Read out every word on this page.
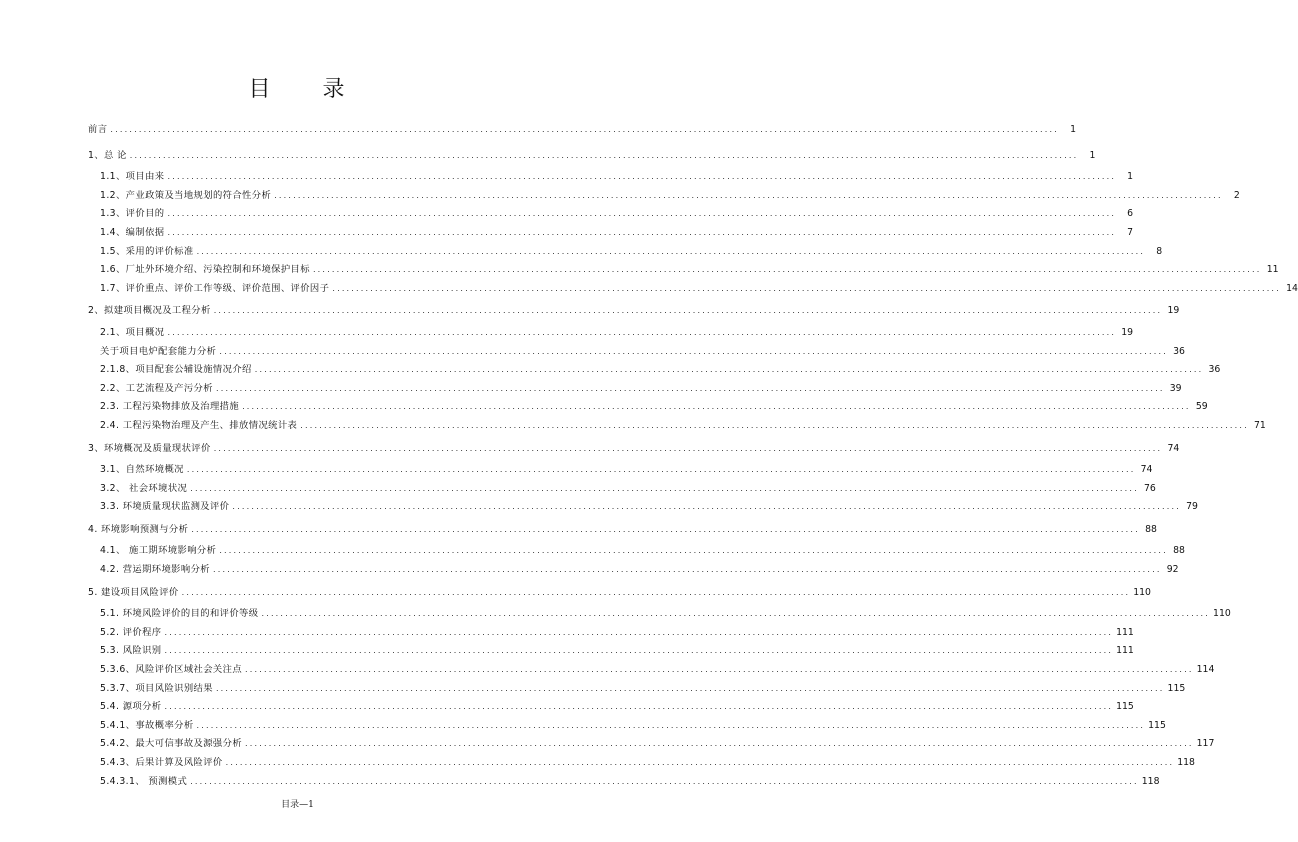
目 录
前言 ........................................................................................................................................................................................................	1
1、总 论 ........................................................................................................................................................................................................	1
1.1、项目由来 ........................................................................................................................................................................................................	1
1.2、产业政策及当地规划的符合性分析 ........................................................................................................................................................................................................	2
1.3、评价目的 ........................................................................................................................................................................................................	6
1.4、编制依据 ........................................................................................................................................................................................................	7
1.5、采用的评价标准 ........................................................................................................................................................................................................	8
1.6、厂址外环境介绍、污染控制和环境保护目标 ........................................................................................................................................................................................................ 11
1.7、评价重点、评价工作等级、评价范围、评价因子 ........................................................................................................................................................................................................ 14
2、拟建项目概况及工程分析 ........................................................................................................................................................................................................ 19
2.1、项目概况 ........................................................................................................................................................................................................ 19
关于项目电炉配套能力分析 ........................................................................................................................................................................................................ 36
2.1.8、项目配套公辅设施情况介绍 ........................................................................................................................................................................................................ 36
2.2、工艺流程及产污分析 ........................................................................................................................................................................................................ 39
2.3. 工程污染物排放及治理措施 ........................................................................................................................................................................................................ 59
2.4. 工程污染物治理及产生、排放情况统计表 ........................................................................................................................................................................................................ 71
3、环境概况及质量现状评价 ........................................................................................................................................................................................................ 74
3.1、自然环境概况 ........................................................................................................................................................................................................ 74
3.2、 社会环境状况 ........................................................................................................................................................................................................ 76
3.3. 环境质量现状监测及评价 ........................................................................................................................................................................................................ 79
4. 环境影响预测与分析 ........................................................................................................................................................................................................ 88
4.1、 施工期环境影响分析 ........................................................................................................................................................................................................ 88
4.2. 营运期环境影响分析 ........................................................................................................................................................................................................ 92
5. 建设项目风险评价 ........................................................................................................................................................................................................ 110
5.1. 环境风险评价的目的和评价等级 ........................................................................................................................................................................................................ 110
5.2. 评价程序 ........................................................................................................................................................................................................ 111
5.3. 风险识别 ........................................................................................................................................................................................................ 111
5.3.6、风险评价区域社会关注点 ........................................................................................................................................................................................................ 114
5.3.7、项目风险识别结果 ........................................................................................................................................................................................................ 115
5.4. 源项分析 ........................................................................................................................................................................................................ 115
5.4.1、事故概率分析 ........................................................................................................................................................................................................ 115
5.4.2、最大可信事故及源强分析 ........................................................................................................................................................................................................ 117
5.4.3、后果计算及风险评价 ........................................................................................................................................................................................................ 118
5.4.3.1、 预测模式 ........................................................................................................................................................................................................ 118
目录—1
